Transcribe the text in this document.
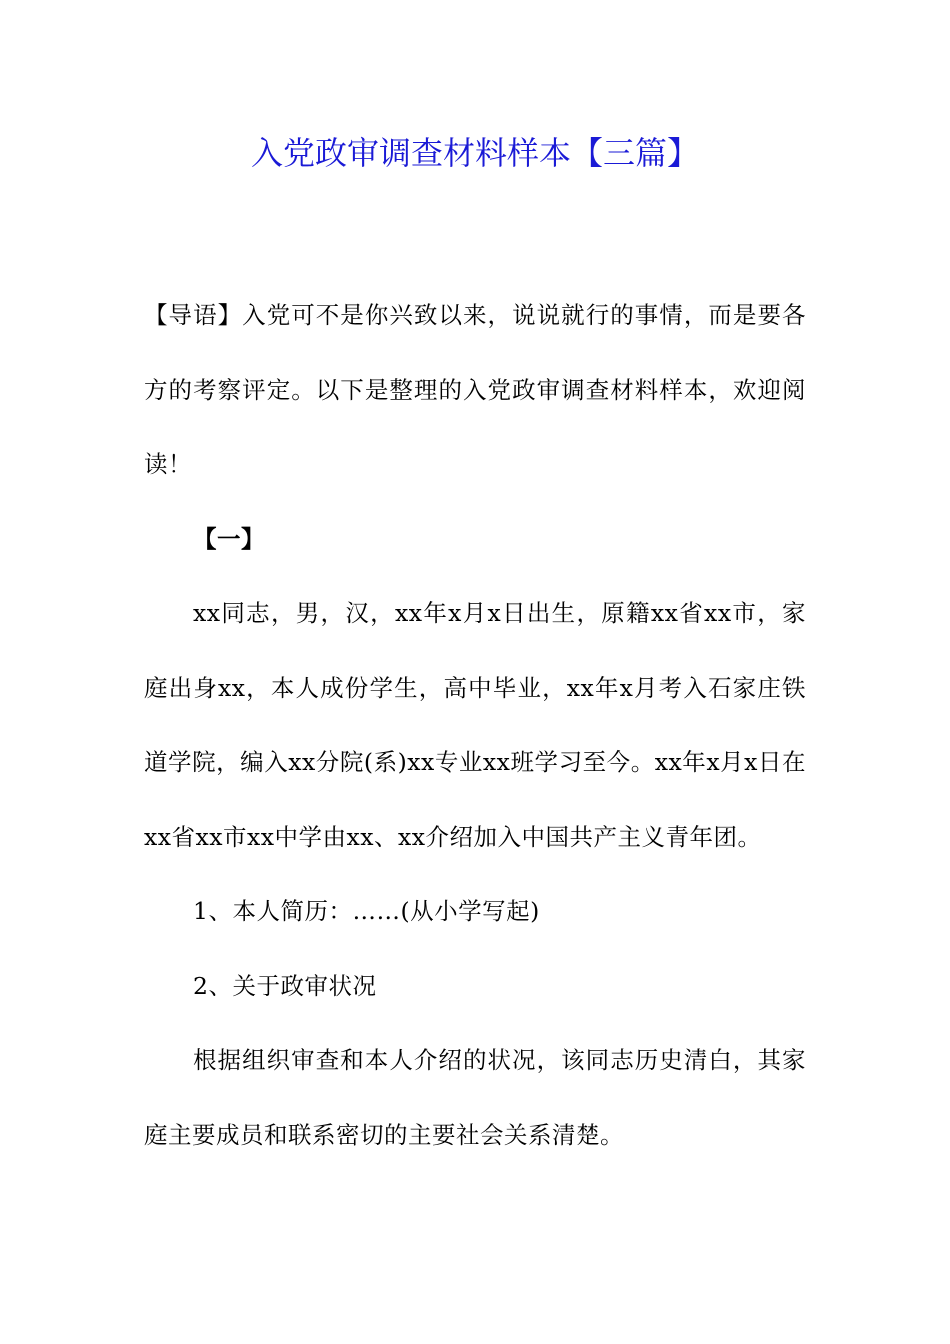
入党政审调查材料样本【三篇】

【导语】入党可不是你兴致以来，说说就行的事情，而是要各方的考察评定。以下是整理的入党政审调查材料样本，欢迎阅读！

【一】

xx同志，男，汉，xx年x月x日出生，原籍xx省xx市，家庭出身xx，本人成份学生，高中毕业，xx年x月考入石家庄铁道学院，编入xx分院(系)xx专业xx班学习至今。xx年x月x日在xx省xx市xx中学由xx、xx介绍加入中国共产主义青年团。

1、本人简历：……(从小学写起)

2、关于政审状况

根据组织审查和本人介绍的状况，该同志历史清白，其家庭主要成员和联系密切的主要社会关系清楚。
